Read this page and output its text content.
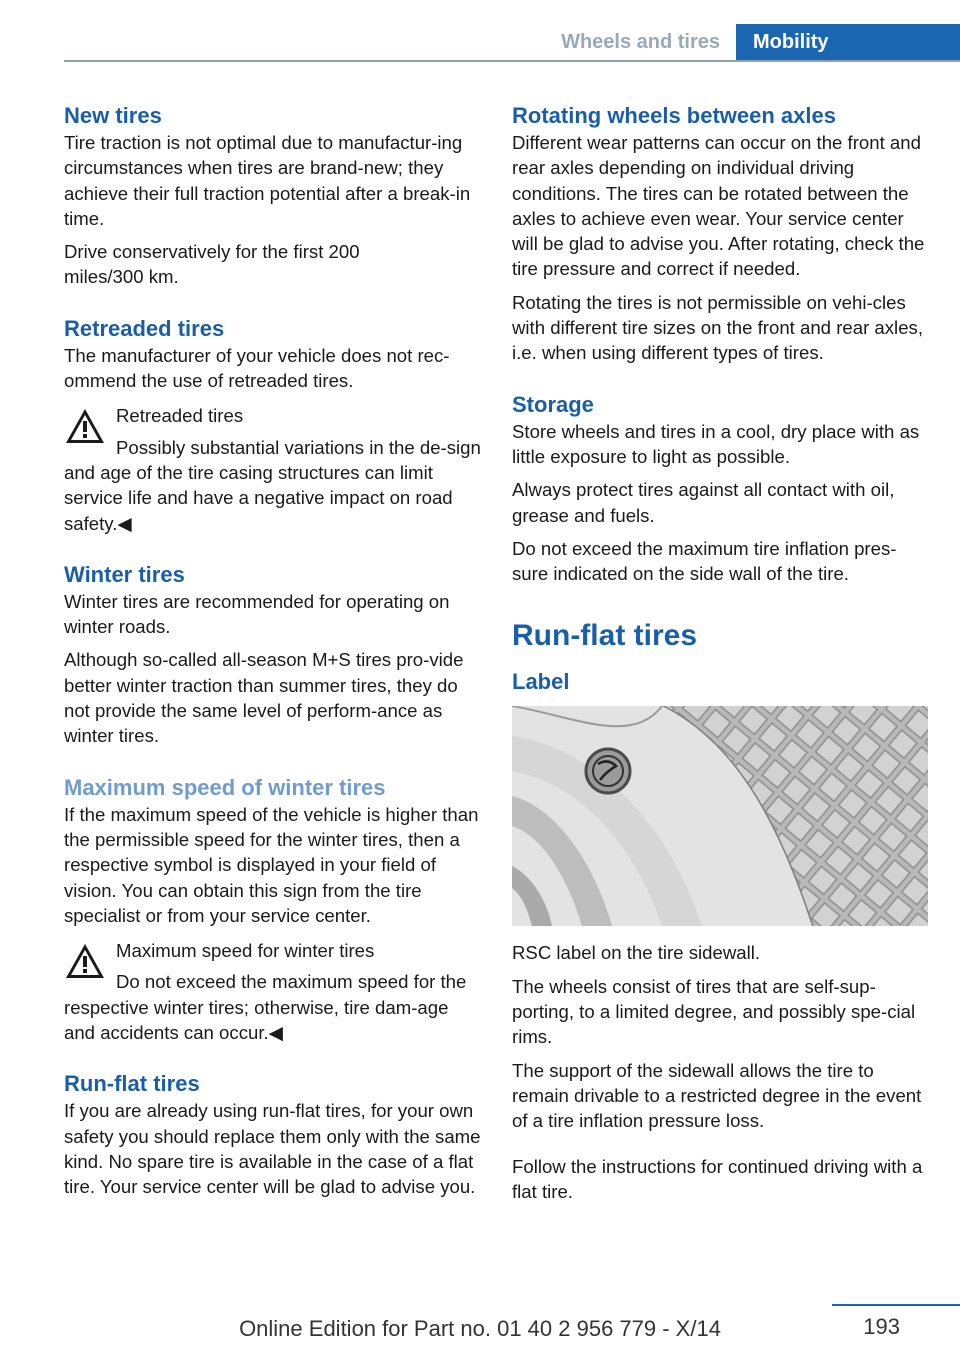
Wheels and tires	Mobility
New tires

Tire traction is not optimal due to manufactur‐ing circumstances when tires are brand-new; they achieve their full traction potential after a break-in time.

Drive conservatively for the first 200 miles/300 km.

Retreaded tires

The manufacturer of your vehicle does not rec‐ommend the use of retreaded tires.

Retreaded tires
Possibly substantial variations in the de‐sign and age of the tire casing structures can limit service life and have a negative impact on road safety.◀
Winter tires

Winter tires are recommended for operating on winter roads.

Although so-called all-season M+S tires pro‐vide better winter traction than summer tires, they do not provide the same level of perform‐ance as winter tires.

Maximum speed of winter tires

If the maximum speed of the vehicle is higher than the permissible speed for the winter tires, then a respective symbol is displayed in your field of vision. You can obtain this sign from the tire specialist or from your service center.

Maximum speed for winter tires
Do not exceed the maximum speed for the respective winter tires; otherwise, tire dam‐age and accidents can occur.◀
Run-flat tires

If you are already using run-flat tires, for your own safety you should replace them only with the same kind. No spare tire is available in the case of a flat tire. Your service center will be glad to advise you.

Rotating wheels between axles

Different wear patterns can occur on the front and rear axles depending on individual driving conditions. The tires can be rotated between the axles to achieve even wear. Your service center will be glad to advise you. After rotating, check the tire pressure and correct if needed.

Rotating the tires is not permissible on vehi‐cles with different tire sizes on the front and rear axles, i.e. when using different types of tires.

Storage

Store wheels and tires in a cool, dry place with as little exposure to light as possible.

Always protect tires against all contact with oil, grease and fuels.

Do not exceed the maximum tire inflation pres‐sure indicated on the side wall of the tire.

Run-flat tires
Label

RSC label on the tire sidewall.

The wheels consist of tires that are self-sup‐porting, to a limited degree, and possibly spe‐cial rims.

The support of the sidewall allows the tire to remain drivable to a restricted degree in the event of a tire inflation pressure loss.

Follow the instructions for continued driving with a flat tire.

193
Online Edition for Part no. 01 40 2 956 779 - X/14
